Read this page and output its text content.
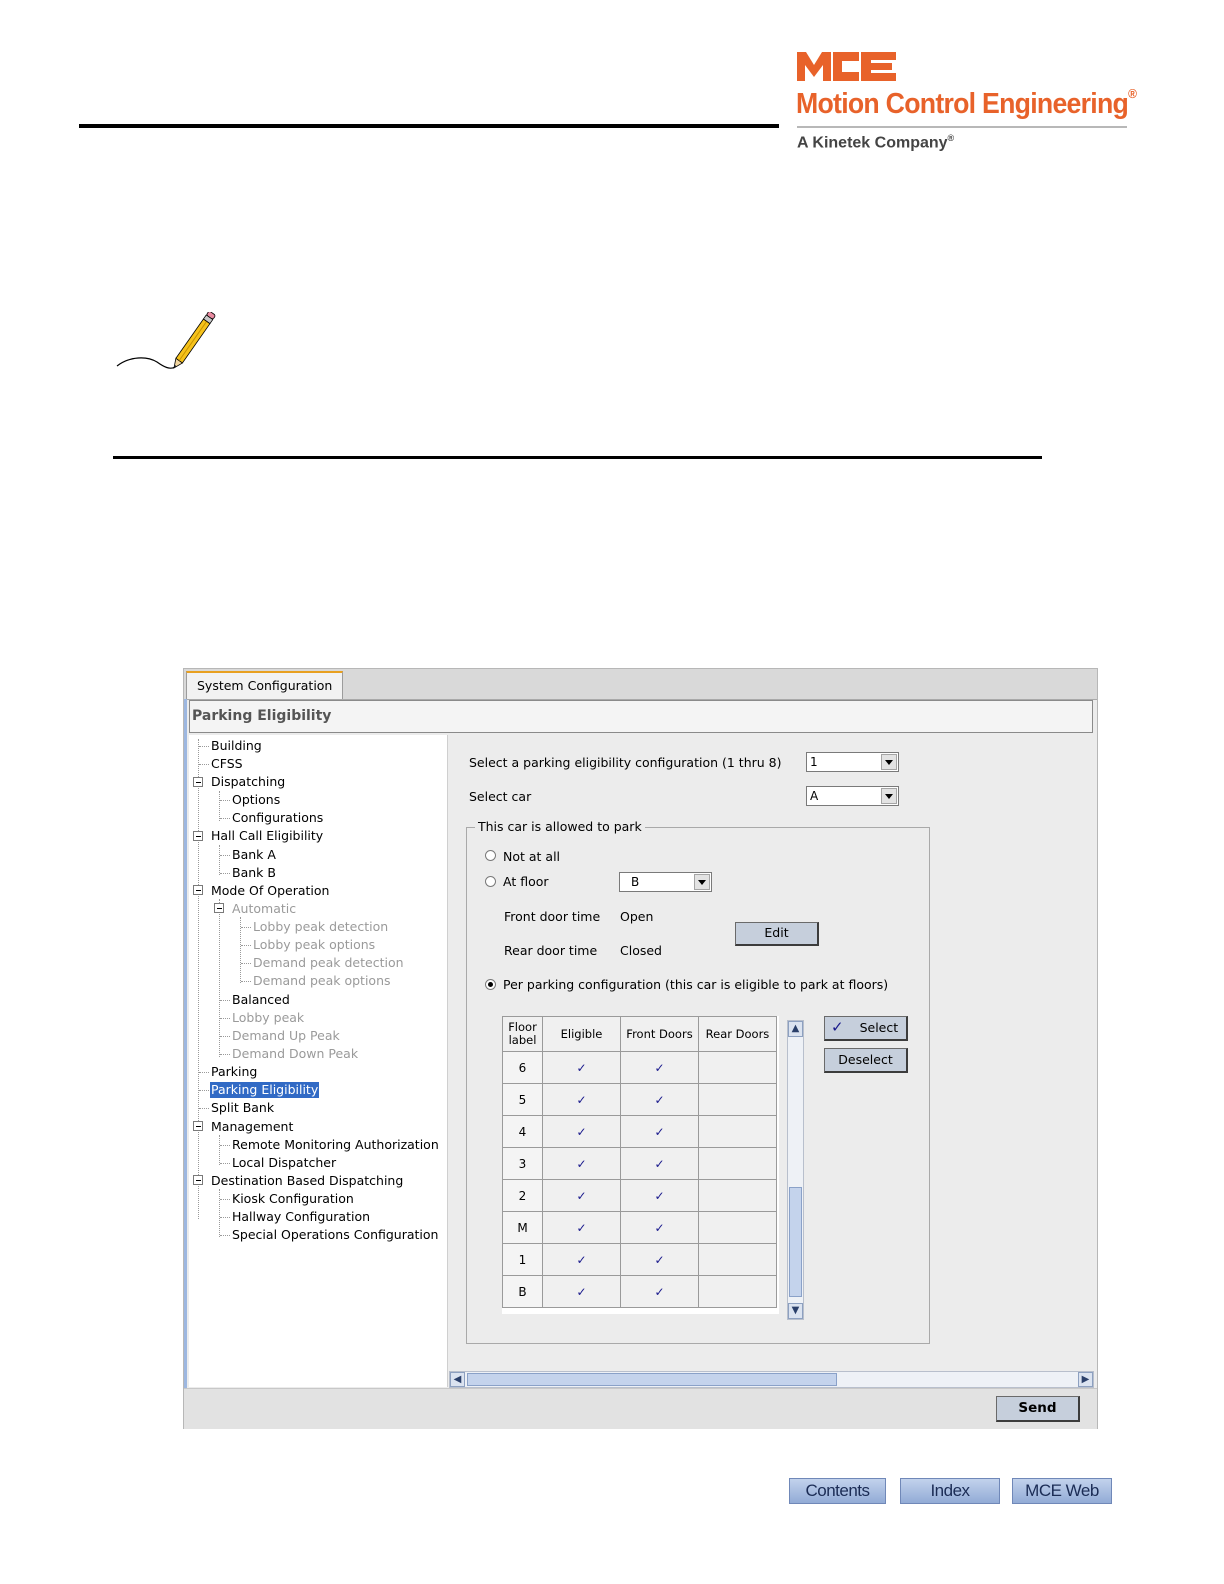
Motion Control Engineering®
A Kinetek Company®
System Configuration
Parking Eligibility
Building
CFSS
Dispatching
Options
Configurations
Hall Call Eligibility
Bank A
Bank B
Mode Of Operation
Automatic
Lobby peak detection
Lobby peak options
Demand peak detection
Demand peak options
Balanced
Lobby peak
Demand Up Peak
Demand Down Peak
Parking
Parking Eligibility
Split Bank
Management
Remote Monitoring Authorization
Local Dispatcher
Destination Based Dispatching
Kiosk Configuration
Hallway Configuration
Special Operations Configuration
Select a parking eligibility configuration (1 thru 8) 1
Select car	A
This car is allowed to park
Not at all
At floor	B
Front door time Open
Rear door time Closed
Edit
Per parking configuration (this car is eligible to park at floors)
Floor label	Eligible	Front Doors	Rear Doors
6	✓	✓	
5	✓	✓	
4	✓	✓	
3	✓	✓	
2	✓	✓	
M	✓	✓	
1	✓	✓	
B	✓	✓	
▲
▼
✓ Select
Deselect
◀	▶
Send
Contents	Index	MCE Web
